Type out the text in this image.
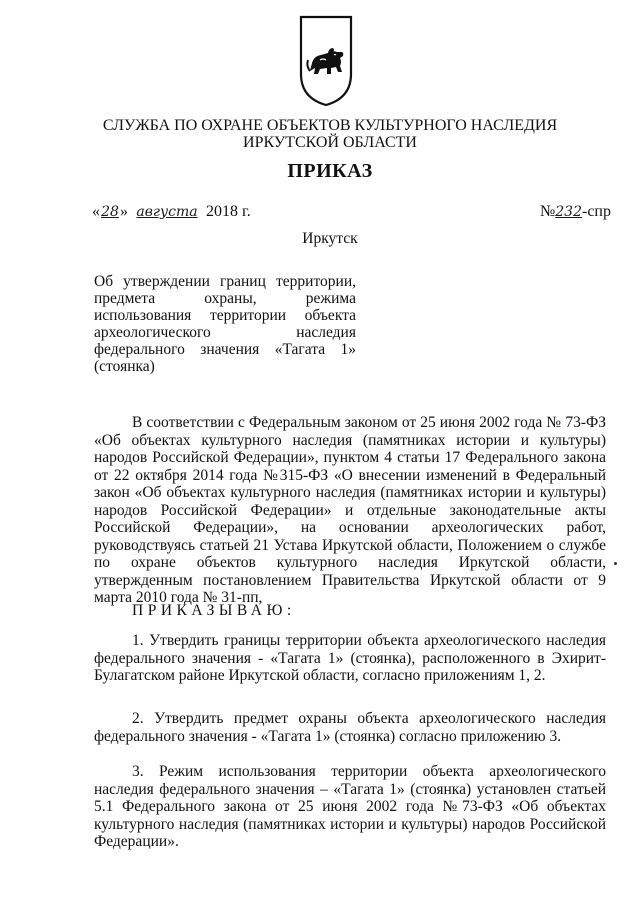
СЛУЖБА ПО ОХРАНЕ ОБЪЕКТОВ КУЛЬТУРНОГО НАСЛЕДИЯ
ИРКУТСКОЙ ОБЛАСТИ
ПРИКАЗ
«28» августа 2018 г.	№232-спр
Иркутск
Об утверждении границ территории, предмета охраны, режима использования территории объекта археологического наследия федерального значения «Тагата 1» (стоянка)
В соответствии с Федеральным законом от 25 июня 2002 года № 73-ФЗ «Об объектах культурного наследия (памятниках истории и культуры) народов Российской Федерации», пунктом 4 статьи 17 Федерального закона от 22 октября 2014 года №315-ФЗ «О внесении изменений в Федеральный закон «Об объектах культурного наследия (памятниках истории и культуры) народов Российской Федерации» и отдельные законодательные акты Российской Федерации», на основании археологических работ, руководствуясь статьей 21 Устава Иркутской области, Положением о службе по охране объектов культурного наследия Иркутской области, утвержденным постановлением Правительства Иркутской области от 9 марта 2010 года № 31-пп,
ПРИКАЗЫВАЮ:
1. Утвердить границы территории объекта археологического наследия федерального значения - «Тагата 1» (стоянка), расположенного в Эхирит-Булагатском районе Иркутской области, согласно приложениям 1, 2.
2. Утвердить предмет охраны объекта археологического наследия федерального значения - «Тагата 1» (стоянка) согласно приложению 3.
3. Режим использования территории объекта археологического наследия федерального значения – «Тагата 1» (стоянка) установлен статьей 5.1 Федерального закона от 25 июня 2002 года №73-ФЗ «Об объектах культурного наследия (памятниках истории и культуры) народов Российской Федерации».
